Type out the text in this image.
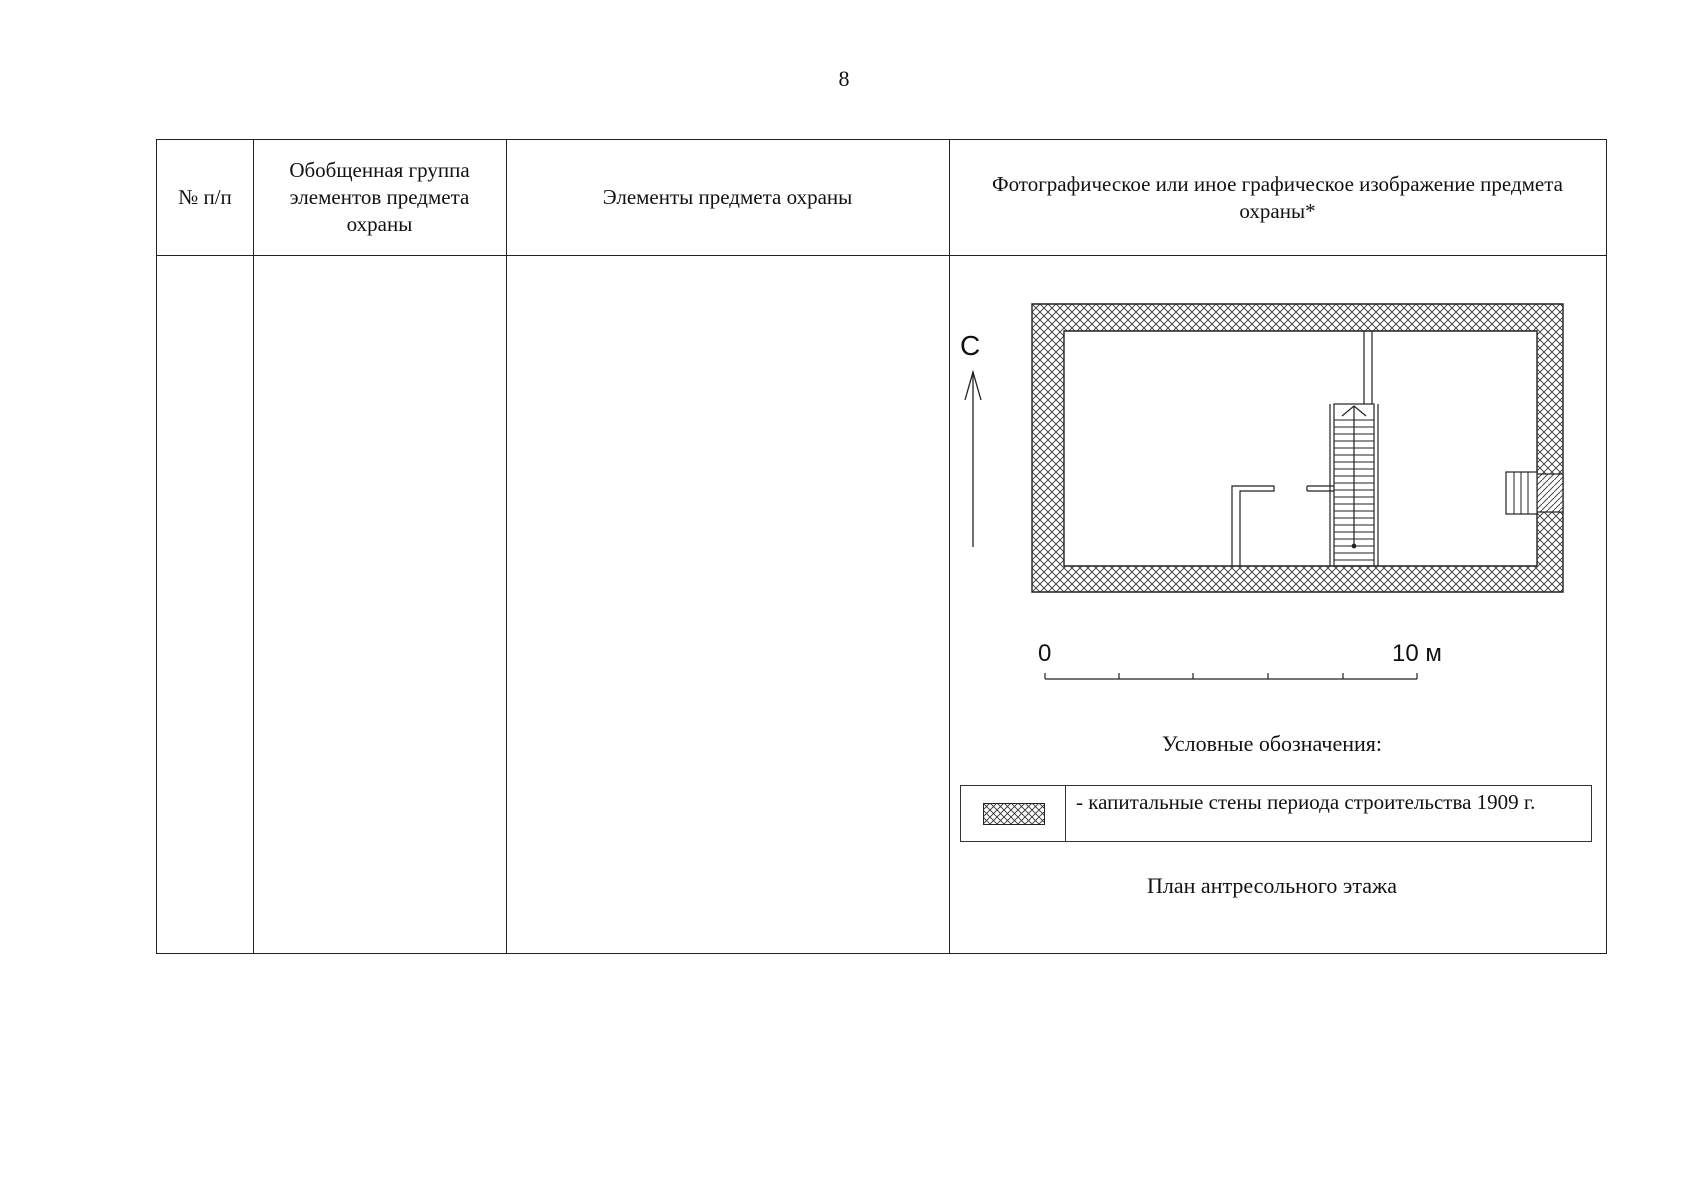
8
№ п/п
Обобщенная группа элементов предмета охраны
Элементы предмета охраны
Фотографическое или иное графическое изображение предмета охраны*
С
0	10 м
Условные обозначения:
- капитальные стены периода строительства 1909 г.
План антресольного этажа
